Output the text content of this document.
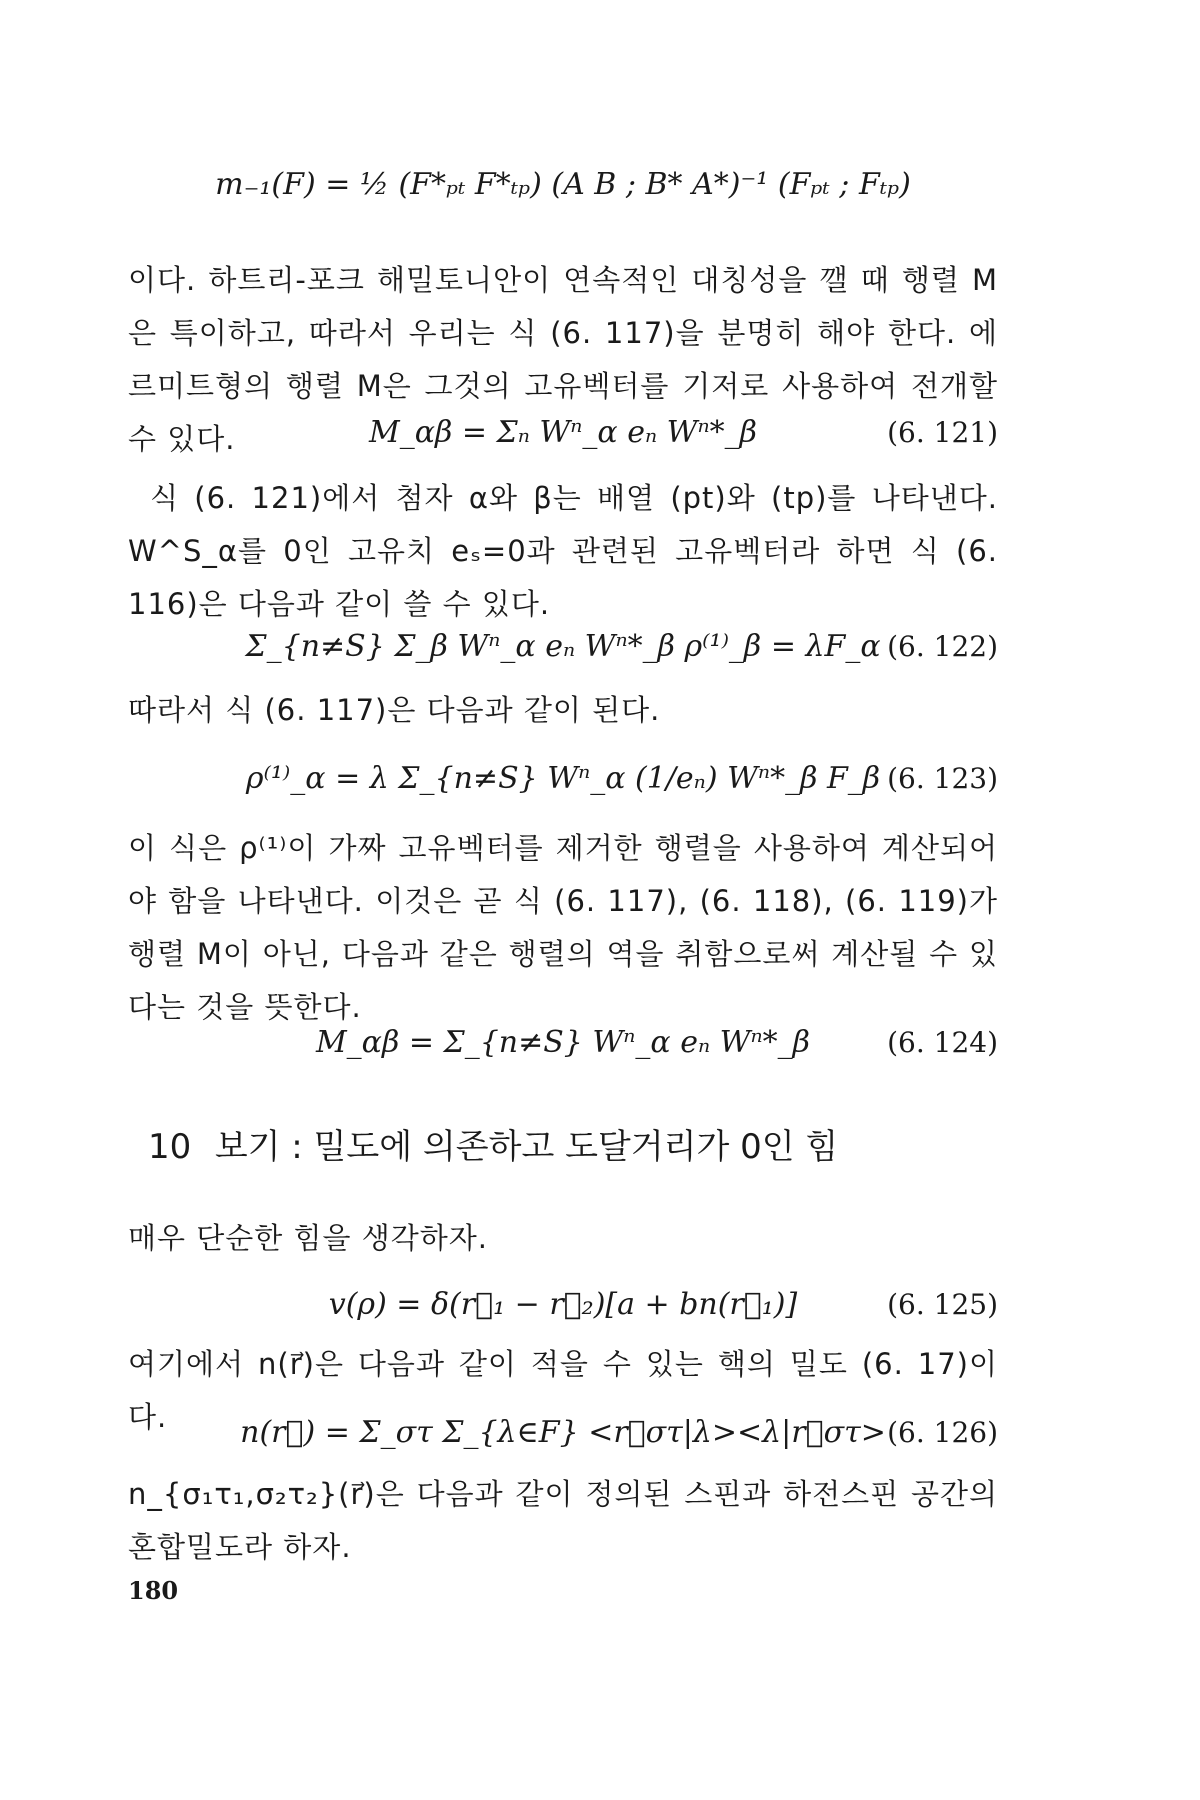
m₋₁(F) = ½ (F*ₚₜ F*ₜₚ) (A B ; B* A*)⁻¹ (Fₚₜ ; Fₜₚ)
이다. 하트리-포크 해밀토니안이 연속적인 대칭성을 깰 때 행렬 M은 특이하고, 따라서 우리는 식 (6. 117)을 분명히 해야 한다. 에르미트형의 행렬 M은 그것의 고유벡터를 기저로 사용하여 전개할 수 있다.	M_αβ = Σₙ Wⁿ_α eₙ Wⁿ*_β	(6. 121)
식 (6. 121)에서 첨자 α와 β는 배열 (pt)와 (tp)를 나타낸다. W^S_α를 0인 고유치 eₛ=0과 관련된 고유벡터라 하면 식 (6. 116)은 다음과 같이 쓸 수 있다.
Σ_{n≠S} Σ_β Wⁿ_α eₙ Wⁿ*_β ρ⁽¹⁾_β = λF_α (6. 122)
따라서 식 (6. 117)은 다음과 같이 된다.
ρ⁽¹⁾_α = λ Σ_{n≠S} Wⁿ_α (1/eₙ) Wⁿ*_β F_β (6. 123)
이 식은 ρ⁽¹⁾이 가짜 고유벡터를 제거한 행렬을 사용하여 계산되어야 함을 나타낸다. 이것은 곧 식 (6. 117), (6. 118), (6. 119)가 행렬 M이 아닌, 다음과 같은 행렬의 역을 취함으로써 계산될 수 있다는 것을 뜻한다.
M_αβ = Σ_{n≠S} Wⁿ_α eₙ Wⁿ*_β	(6. 124)
10 보기 : 밀도에 의존하고 도달거리가 0인 힘
매우 단순한 힘을 생각하자.
v(ρ) = δ(r⃗₁ − r⃗₂)[a + bn(r⃗₁)]	(6. 125)
여기에서 n(r⃗)은 다음과 같이 적을 수 있는 핵의 밀도 (6. 17)이다.	n(r⃗) = Σ_στ Σ_{λ∈F} <r⃗στ|λ><λ|r⃗στ> (6. 126)
n_{σ₁τ₁,σ₂τ₂}(r⃗)은 다음과 같이 정의된 스핀과 하전스핀 공간의 혼합밀도라 하자.
180
